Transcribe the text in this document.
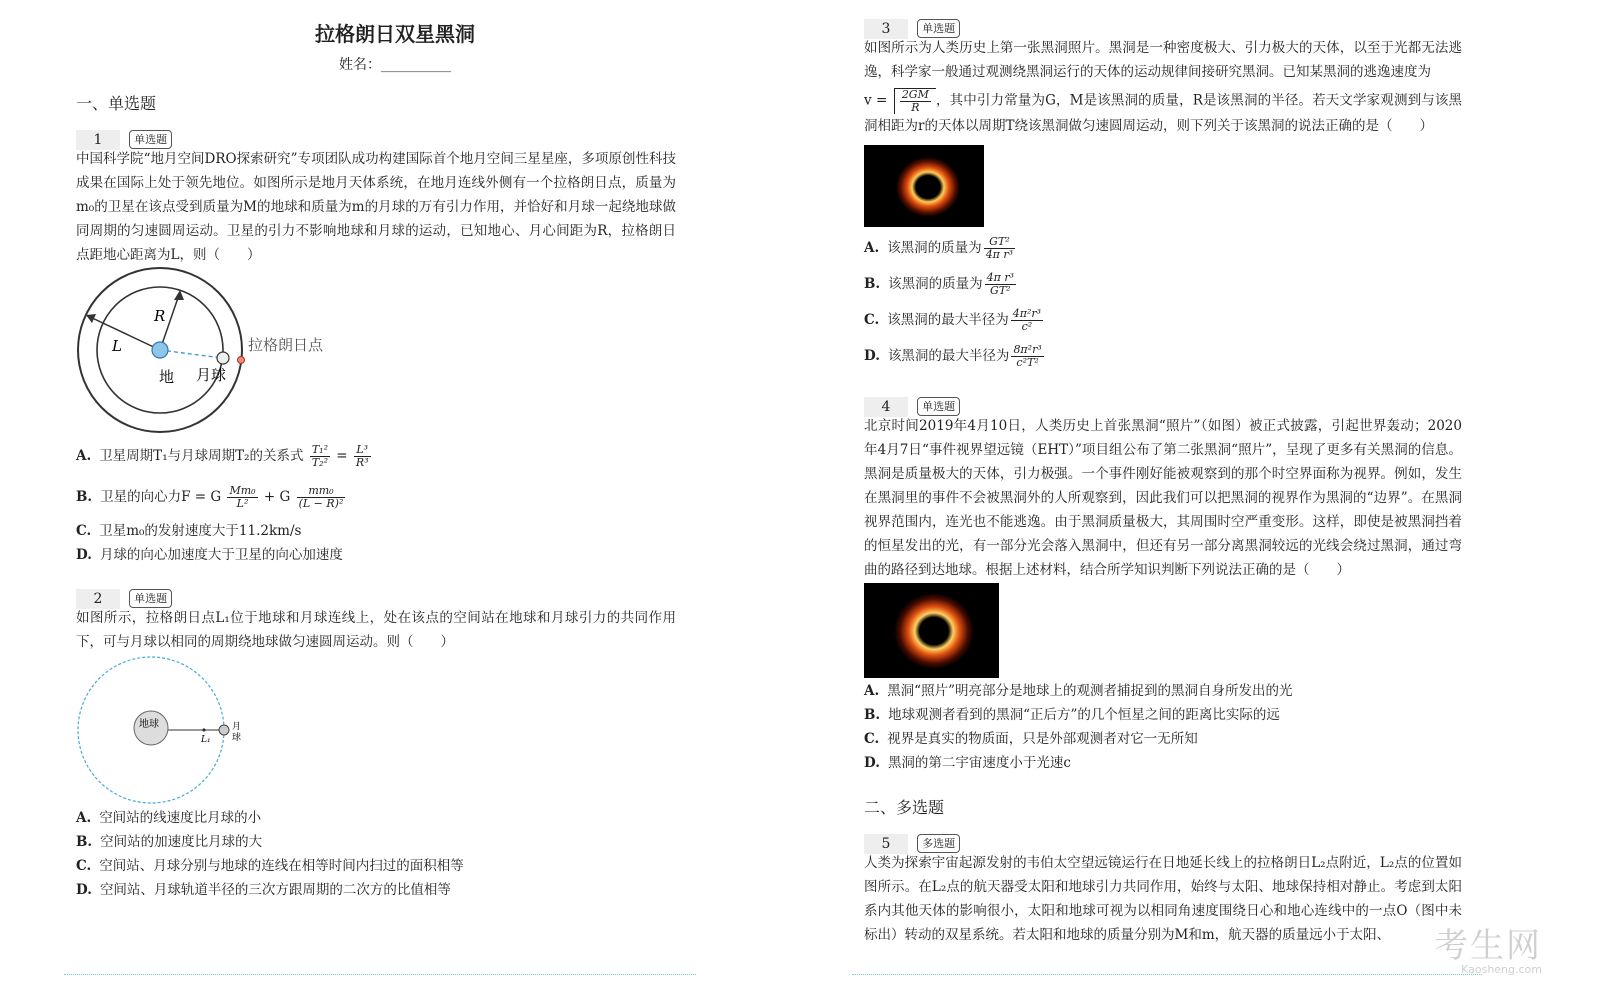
拉格朗日双星黑洞
姓名：__________
一、单选题
1	单选题
中国科学院“地月空间DRO探索研究”专项团队成功构建国际首个地月空间三星星座，多项原创性科技成果在国际上处于领先地位。如图所示是地月天体系统，在地月连线外侧有一个拉格朗日点，质量为m₀的卫星在该点受到质量为M的地球和质量为m的月球的万有引力作用，并恰好和月球一起绕地球做同周期的匀速圆周运动。卫星的引力不影响地球和月球的运动，已知地心、月心间距为R，拉格朗日点距地心距离为L，则（　　）
R
L
地 月球
拉格朗日点
A. 卫星周期T₁与月球周期T₂的关系式 $\frac{\text{T₁²}}{\text{T₂²}} = \frac{\text{L³}}{\text{R³}}$
B. 卫星的向心力F = G $\frac{\text{Mm₀}}{\text{L²}} + G \frac{\text{mm₀}}{\text{(L − R)²}}$
C. 卫星m₀的发射速度大于11.2km/s
D. 月球的向心加速度大于卫星的向心加速度
2	单选题
如图所示，拉格朗日点L₁位于地球和月球连线上，处在该点的空间站在地球和月球引力的共同作用下，可与月球以相同的周期绕地球做匀速圆周运动。则（　　）
地球
L₁
月
球
A. 空间站的线速度比月球的小
B. 空间站的加速度比月球的大
C. 空间站、月球分别与地球的连线在相等时间内扫过的面积相等
D. 空间站、月球轨道半径的三次方跟周期的二次方的比值相等
3	单选题
如图所示为人类历史上第一张黑洞照片。黑洞是一种密度极大、引力极大的天体，以至于光都无法逃逸，科学家一般通过观测绕黑洞运行的天体的运动规律间接研究黑洞。已知某黑洞的逃逸速度为
$v = \frac{2GM}{R}$ ，其中引力常量为G，M是该黑洞的质量，R是该黑洞的半径。若天文学家观测到与该黑洞相距为r的天体以周期T绕该黑洞做匀速圆周运动，则下列关于该黑洞的说法正确的是（　　）
A. 该黑洞的质量为 $\frac{\text{GT²}}{\text{4π r³}}$
B. 该黑洞的质量为 $\frac{\text{4π r³}}{\text{GT²}}$
C. 该黑洞的最大半径为 $\frac{\text{4π²r³}}{\text{c²}}$
D. 该黑洞的最大半径为 $\frac{\text{8π²r³}}{\text{c²T²}}$
4	单选题
北京时间2019年4月10日，人类历史上首张黑洞“照片”（如图）被正式披露，引起世界轰动；2020年4月7日“事件视界望远镜（EHT）”项目组公布了第二张黑洞“照片”，呈现了更多有关黑洞的信息。黑洞是质量极大的天体，引力极强。一个事件刚好能被观察到的那个时空界面称为视界。例如，发生在黑洞里的事件不会被黑洞外的人所观察到，因此我们可以把黑洞的视界作为黑洞的“边界”。在黑洞视界范围内，连光也不能逃逸。由于黑洞质量极大，其周围时空严重变形。这样，即使是被黑洞挡着的恒星发出的光，有一部分光会落入黑洞中，但还有另一部分离黑洞较远的光线会绕过黑洞，通过弯曲的路径到达地球。根据上述材料，结合所学知识判断下列说法正确的是（　　）
A. 黑洞“照片”明亮部分是地球上的观测者捕捉到的黑洞自身所发出的光
B. 地球观测者看到的黑洞“正后方”的几个恒星之间的距离比实际的远
C. 视界是真实的物质面，只是外部观测者对它一无所知
D. 黑洞的第二宇宙速度小于光速c
二、多选题
5	多选题
人类为探索宇宙起源发射的韦伯太空望远镜运行在日地延长线上的拉格朗日L₂点附近，L₂点的位置如图所示。在L₂点的航天器受太阳和地球引力共同作用，始终与太阳、地球保持相对静止。考虑到太阳系内其他天体的影响很小，太阳和地球可视为以相同角速度围绕日心和地心连线中的一点O（图中未标出）转动的双星系统。若太阳和地球的质量分别为M和m，航天器的质量远小于太阳、	考生网
Kaosheng.com
